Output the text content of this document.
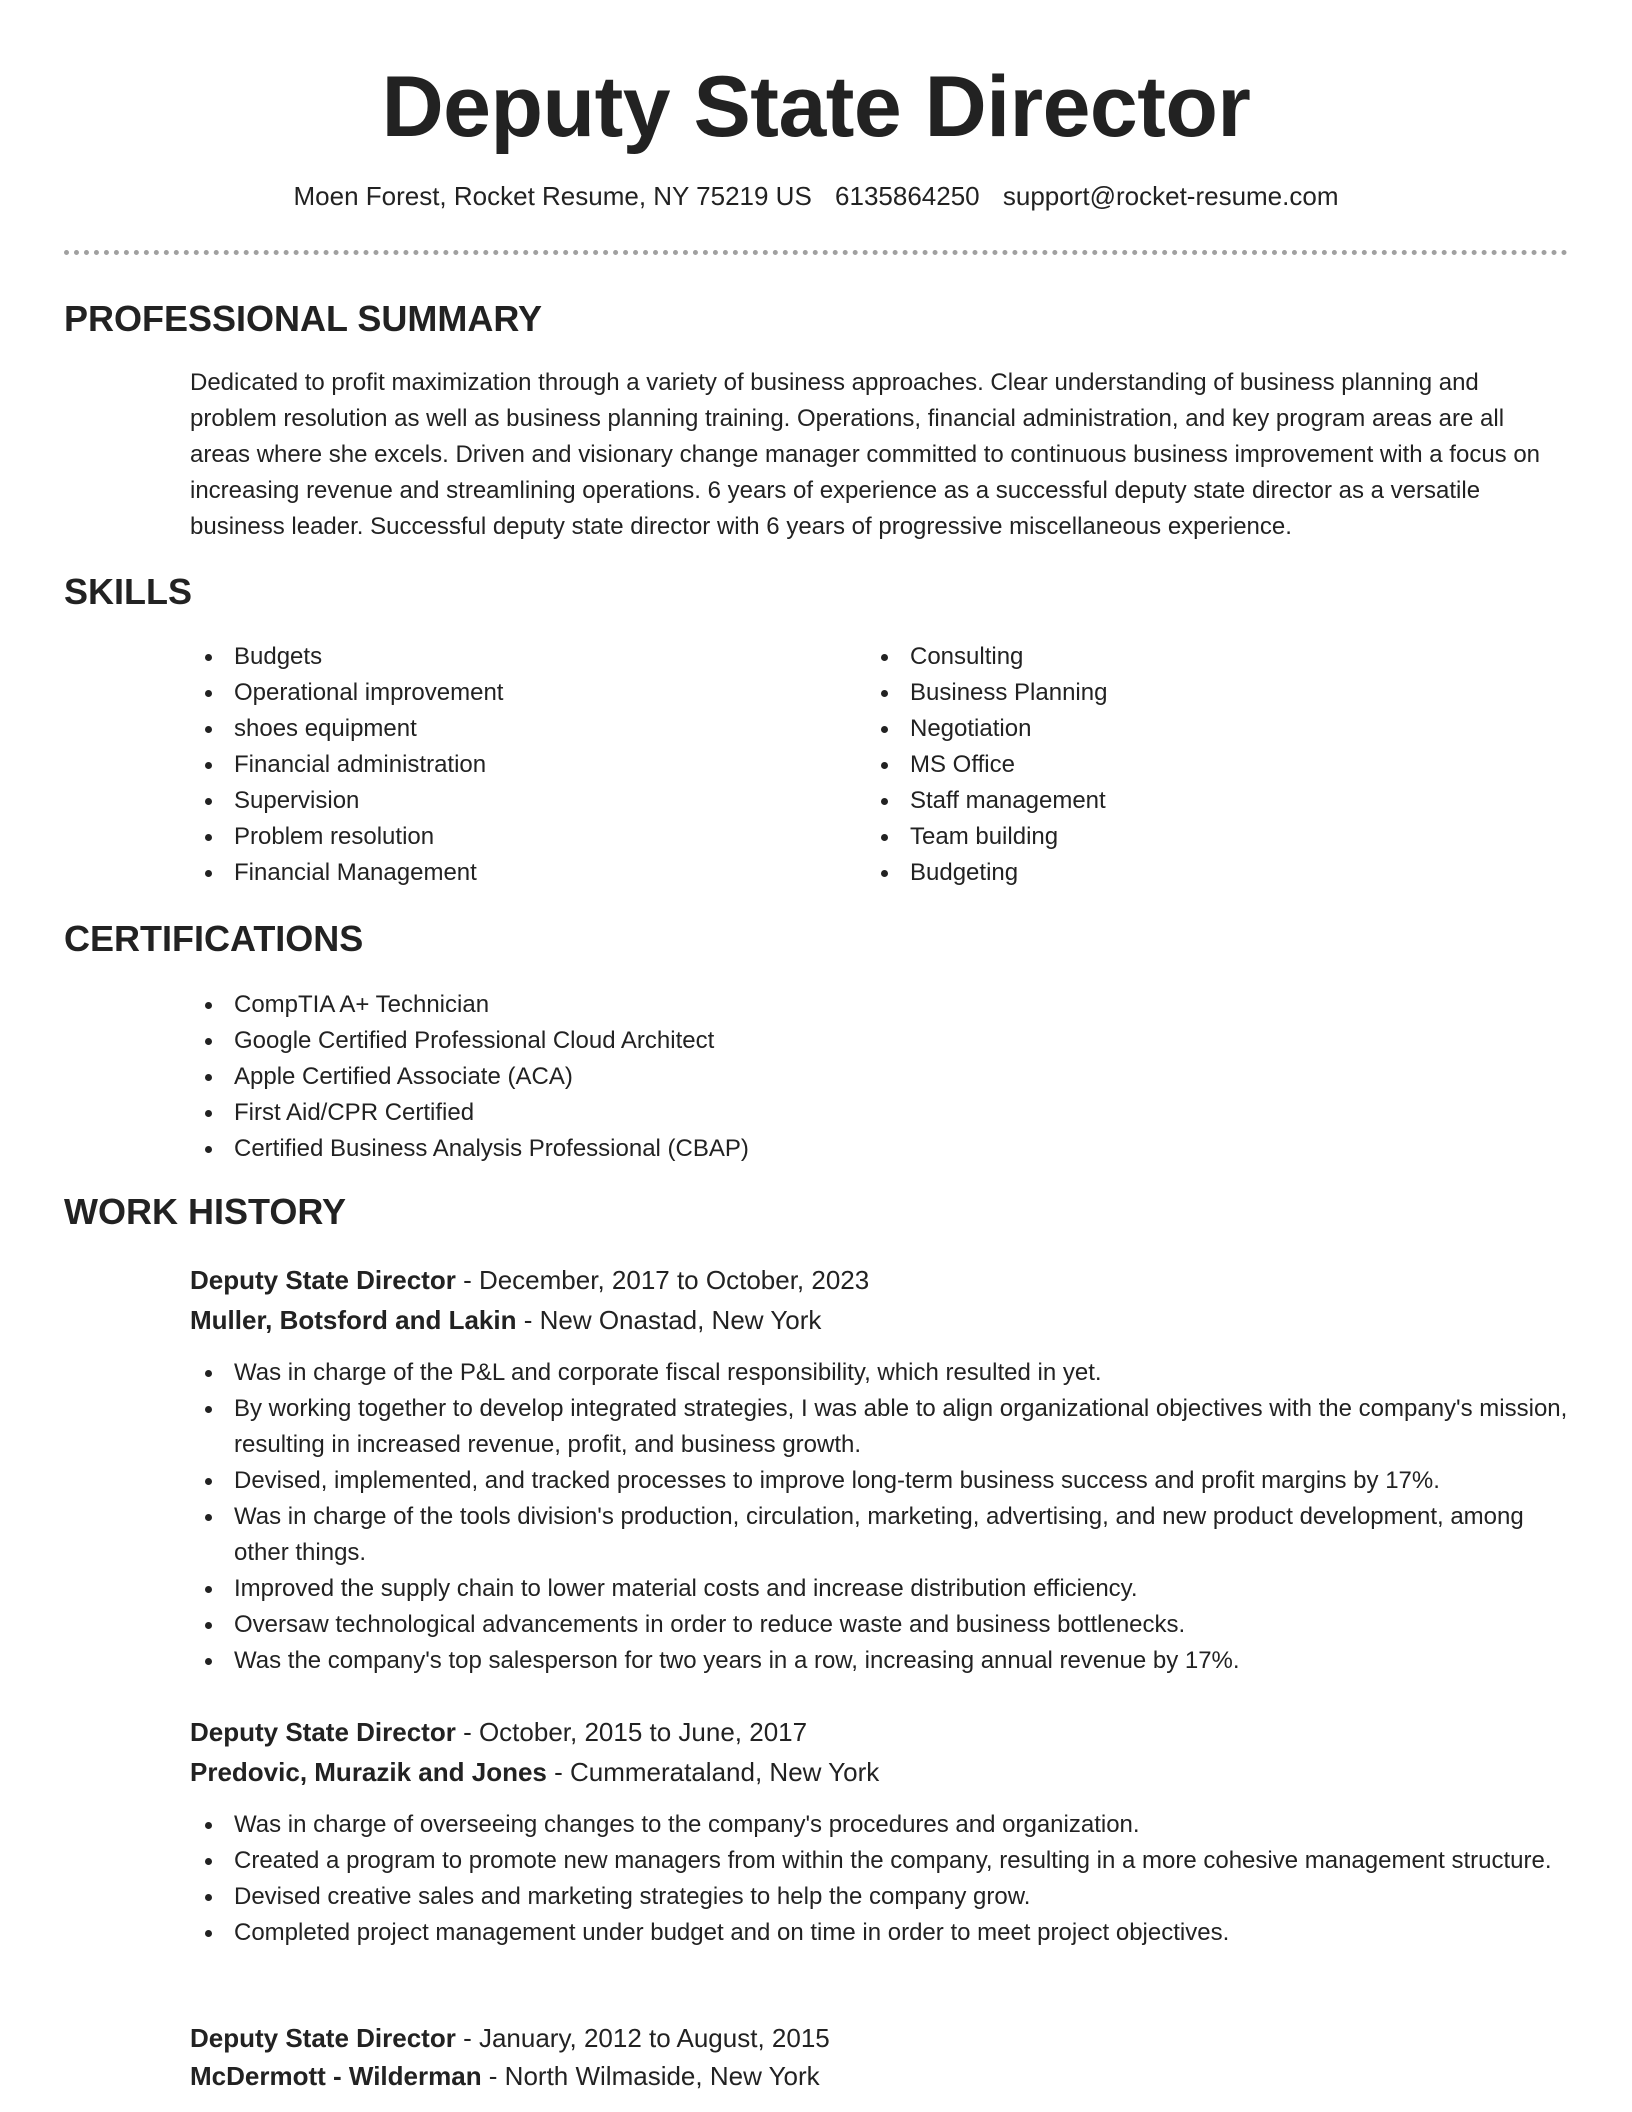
Deputy State Director
Moen Forest, Rocket Resume, NY 75219 US 6135864250 support@rocket-resume.com
PROFESSIONAL SUMMARY

Dedicated to profit maximization through a variety of business approaches. Clear understanding of business planning and problem resolution as well as business planning training. Operations, financial administration, and key program areas are all areas where she excels. Driven and visionary change manager committed to continuous business improvement with a focus on increasing revenue and streamlining operations. 6 years of experience as a successful deputy state director as a versatile business leader. Successful deputy state director with 6 years of progressive miscellaneous experience.

SKILLS
Budgets
Operational improvement
shoes equipment
Financial administration
Supervision
Problem resolution
Financial Management
Consulting
Business Planning
Negotiation
MS Office
Staff management
Team building
Budgeting
CERTIFICATIONS
CompTIA A+ Technician
Google Certified Professional Cloud Architect
Apple Certified Associate (ACA)
First Aid/CPR Certified
Certified Business Analysis Professional (CBAP)
WORK HISTORY
Deputy State Director - December, 2017 to October, 2023
Muller, Botsford and Lakin - New Onastad, New York
Was in charge of the P&L and corporate fiscal responsibility, which resulted in yet.
By working together to develop integrated strategies, I was able to align organizational objectives with the company's mission, resulting in increased revenue, profit, and business growth.
Devised, implemented, and tracked processes to improve long-term business success and profit margins by 17%.
Was in charge of the tools division's production, circulation, marketing, advertising, and new product development, among other things.
Improved the supply chain to lower material costs and increase distribution efficiency.
Oversaw technological advancements in order to reduce waste and business bottlenecks.
Was the company's top salesperson for two years in a row, increasing annual revenue by 17%.
Deputy State Director - October, 2015 to June, 2017
Predovic, Murazik and Jones - Cummerataland, New York
Was in charge of overseeing changes to the company's procedures and organization.
Created a program to promote new managers from within the company, resulting in a more cohesive management structure.
Devised creative sales and marketing strategies to help the company grow.
Completed project management under budget and on time in order to meet project objectives.
Deputy State Director - January, 2012 to August, 2015
McDermott - Wilderman - North Wilmaside, New York
